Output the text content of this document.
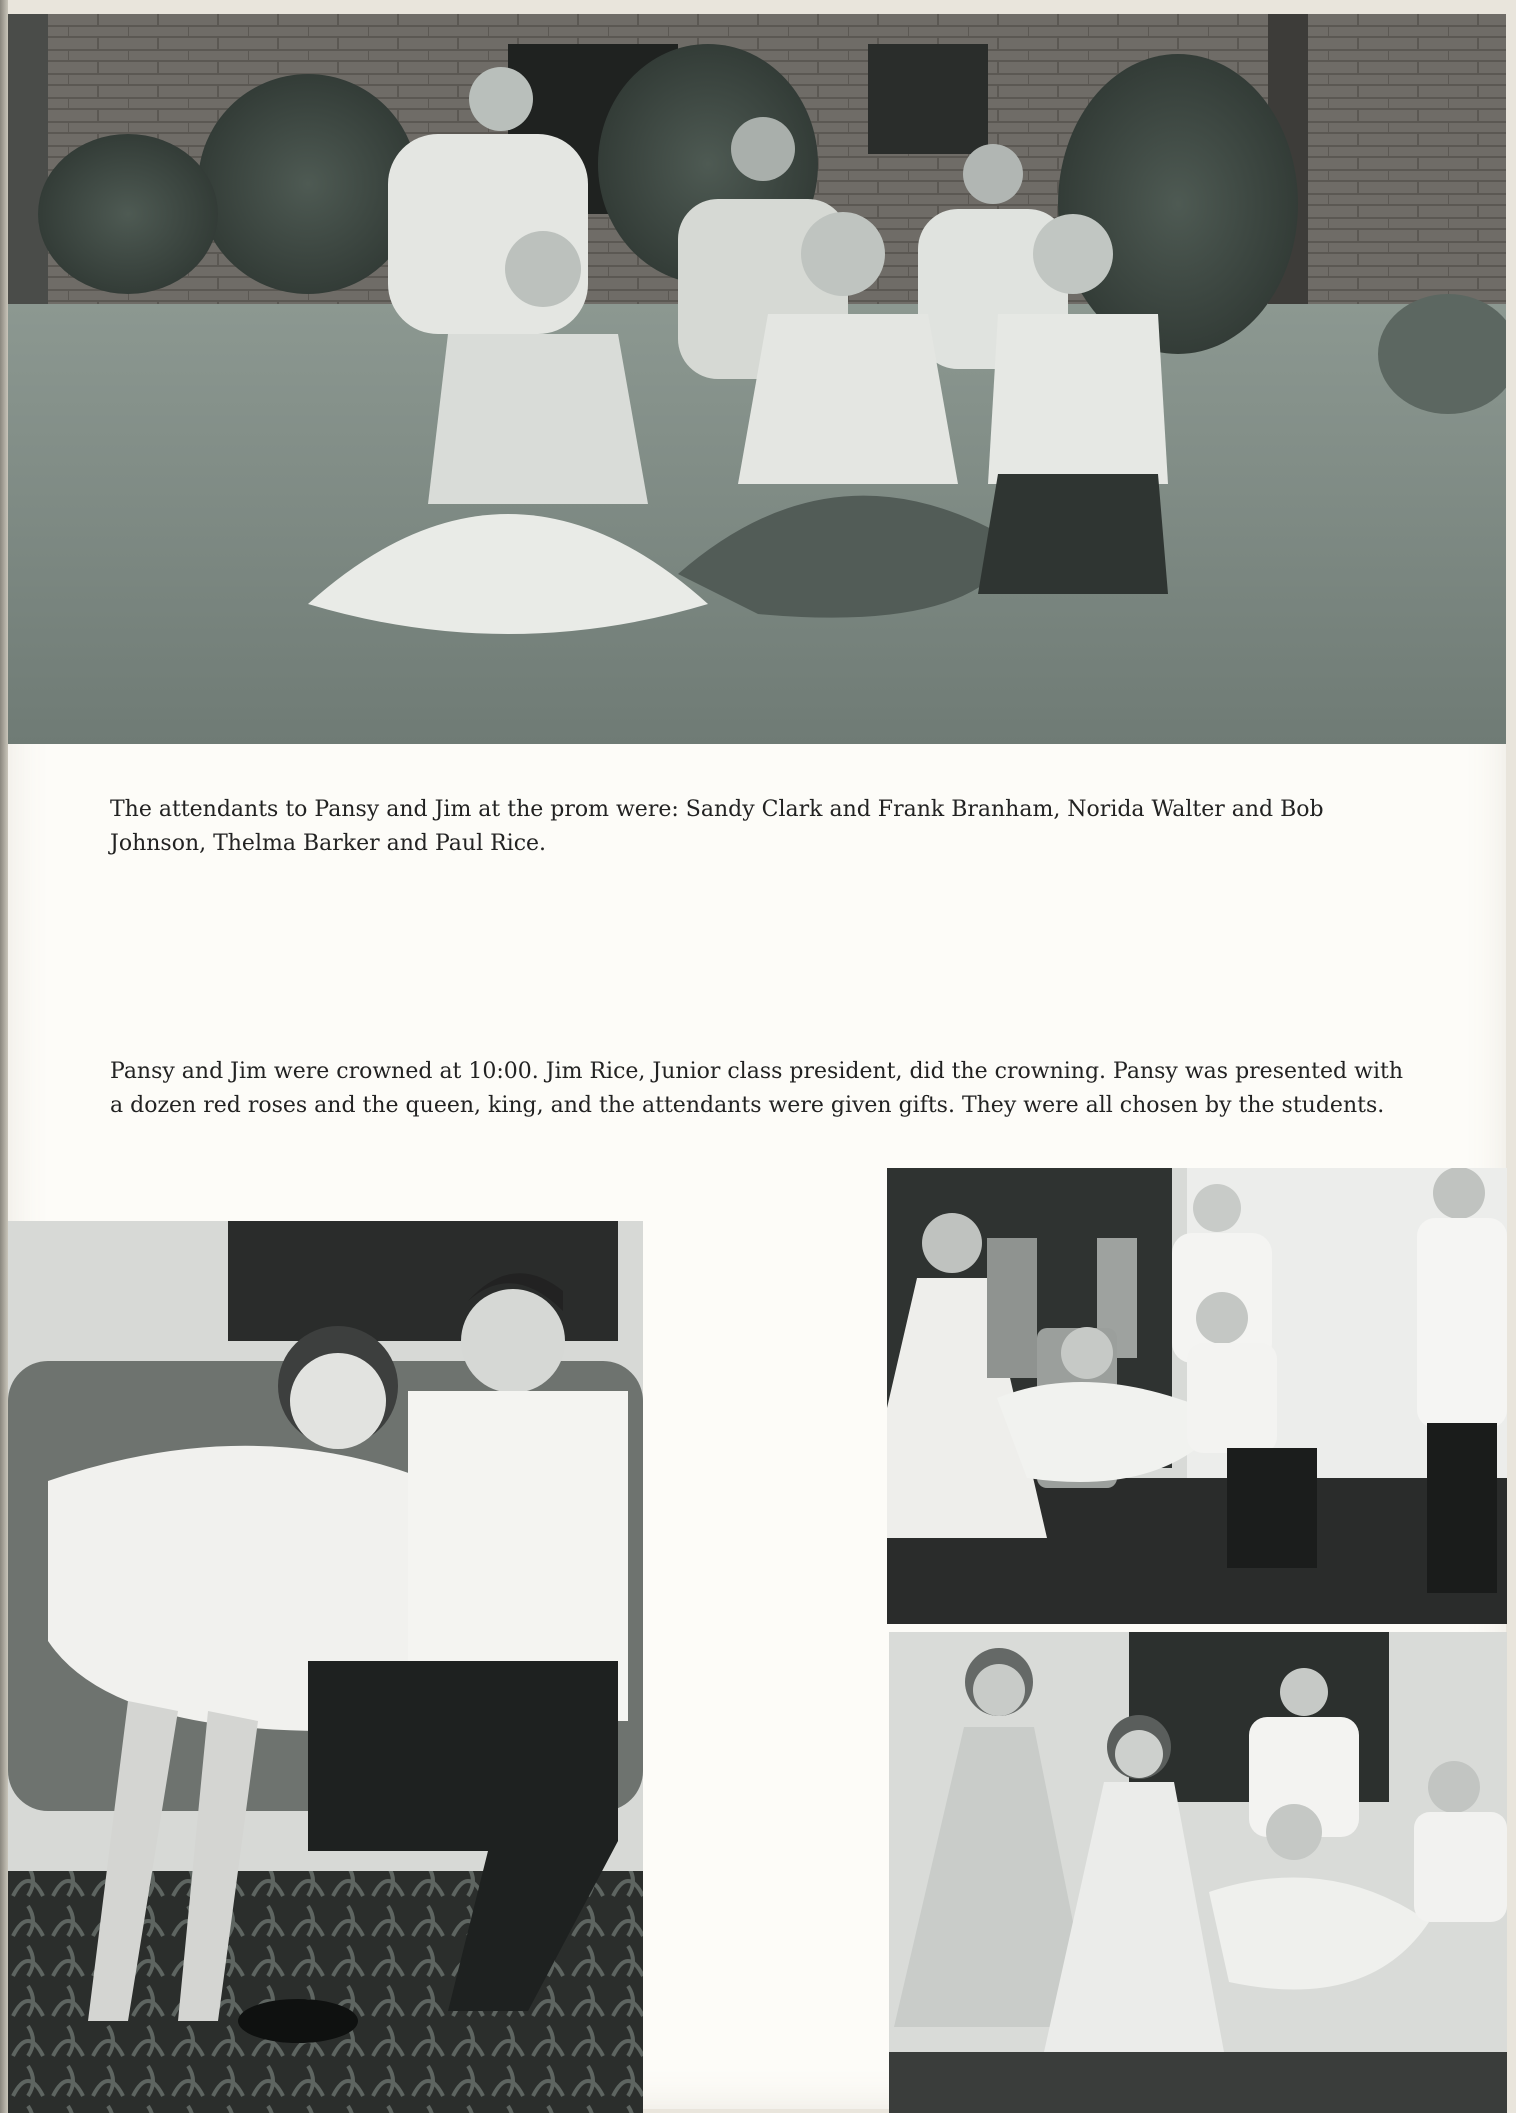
The attendants to Pansy and Jim at the prom were: Sandy Clark and Frank Branham, Norida Walter and Bob Johnson, Thelma Barker and Paul Rice.

Pansy and Jim were crowned at 10:00. Jim Rice, Junior class president, did the crowning. Pansy was presented with a dozen red roses and the queen, king, and the attendants were given gifts. They were all chosen by the students.
